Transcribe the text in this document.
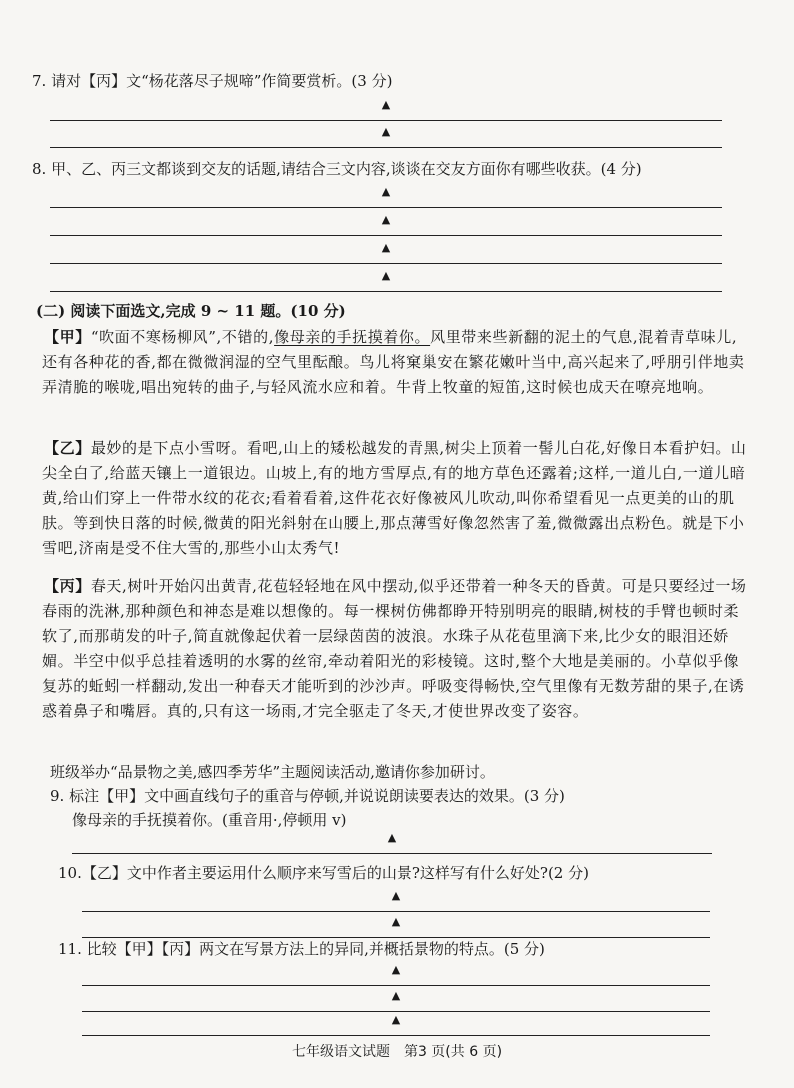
7. 请对【丙】文“杨花落尽子规啼”作简要赏析。(3 分)
▲
▲
8. 甲、乙、丙三文都谈到交友的话题,请结合三文内容,谈谈在交友方面你有哪些收获。(4 分)
▲
▲
▲
▲
(二) 阅读下面选文,完成 9 ~ 11 题。(10 分)
【甲】“吹面不寒杨柳风”,不错的,像母亲的手抚摸着你。风里带来些新翻的泥土的气息,混着青草味儿,还有各种花的香,都在微微润湿的空气里酝酿。鸟儿将窠巢安在繁花嫩叶当中,高兴起来了,呼朋引伴地卖弄清脆的喉咙,唱出宛转的曲子,与轻风流水应和着。牛背上牧童的短笛,这时候也成天在嘹亮地响。
【乙】最妙的是下点小雪呀。看吧,山上的矮松越发的青黑,树尖上顶着一髻儿白花,好像日本看护妇。山尖全白了,给蓝天镶上一道银边。山坡上,有的地方雪厚点,有的地方草色还露着;这样,一道儿白,一道儿暗黄,给山们穿上一件带水纹的花衣;看着看着,这件花衣好像被风儿吹动,叫你希望看见一点更美的山的肌肤。等到快日落的时候,微黄的阳光斜射在山腰上,那点薄雪好像忽然害了羞,微微露出点粉色。就是下小雪吧,济南是受不住大雪的,那些小山太秀气!
【丙】春天,树叶开始闪出黄青,花苞轻轻地在风中摆动,似乎还带着一种冬天的昏黄。可是只要经过一场春雨的洗淋,那种颜色和神态是难以想像的。每一棵树仿佛都睁开特别明亮的眼睛,树枝的手臂也顿时柔软了,而那萌发的叶子,简直就像起伏着一层绿茵茵的波浪。水珠子从花苞里滴下来,比少女的眼泪还娇媚。半空中似乎总挂着透明的水雾的丝帘,牵动着阳光的彩棱镜。这时,整个大地是美丽的。小草似乎像复苏的蚯蚓一样翻动,发出一种春天才能听到的沙沙声。呼吸变得畅快,空气里像有无数芳甜的果子,在诱惑着鼻子和嘴唇。真的,只有这一场雨,才完全驱走了冬天,才使世界改变了姿容。
班级举办“品景物之美,感四季芳华”主题阅读活动,邀请你参加研讨。
9. 标注【甲】文中画直线句子的重音与停顿,并说说朗读要表达的效果。(3 分)
像母亲的手抚摸着你。(重音用·,停顿用 v)
▲
10.【乙】文中作者主要运用什么顺序来写雪后的山景?这样写有什么好处?(2 分)
▲
▲
11. 比较【甲】【丙】两文在写景方法上的异同,并概括景物的特点。(5 分)
▲
▲
▲
七年级语文试题　第3 页(共 6 页)
